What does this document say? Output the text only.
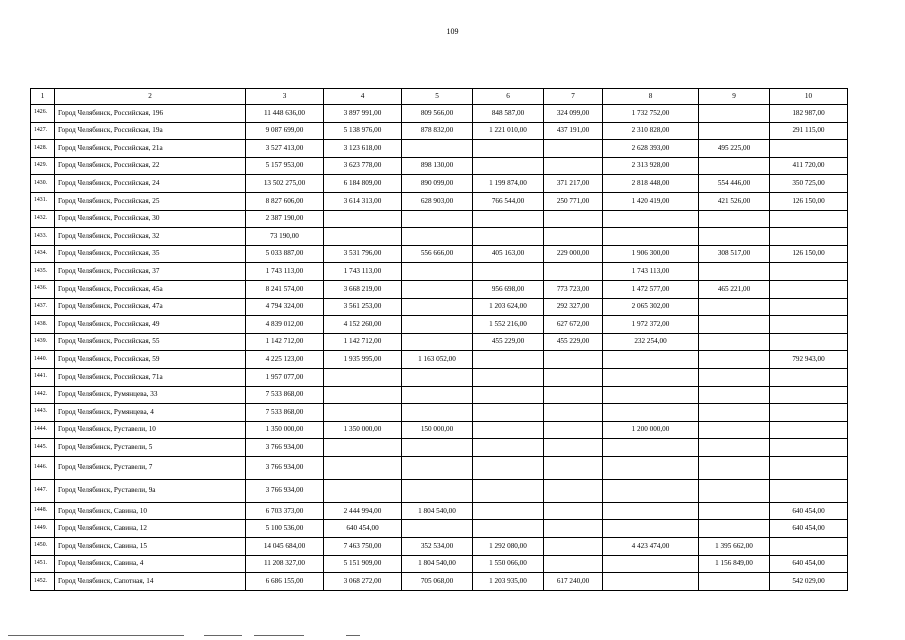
109
1	2	3	4	5	6	7	8	9	10
1426.	Город Челябинск, Российская, 196	11 448 636,00	3 897 991,00	809 566,00	848 587,00	324 099,00	1 732 752,00		182 987,00
1427.	Город Челябинск, Российская, 19а	9 087 699,00	5 138 976,00	878 832,00	1 221 010,00	437 191,00	2 310 828,00		291 115,00
1428.	Город Челябинск, Российская, 21а	3 527 413,00	3 123 618,00				2 628 393,00	495 225,00	
1429.	Город Челябинск, Российская, 22	5 157 953,00	3 623 778,00	898 130,00			2 313 928,00		411 720,00
1430.	Город Челябинск, Российская, 24	13 502 275,00	6 184 809,00	890 099,00	1 199 874,00	371 217,00	2 818 448,00	554 446,00	350 725,00
1431.	Город Челябинск, Российская, 25	8 827 606,00	3 614 313,00	628 903,00	766 544,00	250 771,00	1 420 419,00	421 526,00	126 150,00
1432.	Город Челябинск, Российская, 30	2 387 190,00							
1433.	Город Челябинск, Российская, 32	73 190,00							
1434.	Город Челябинск, Российская, 35	5 033 887,00	3 531 796,00	556 666,00	405 163,00	229 000,00	1 906 300,00	308 517,00	126 150,00
1435.	Город Челябинск, Российская, 37	1 743 113,00	1 743 113,00				1 743 113,00		
1436.	Город Челябинск, Российская, 45а	8 241 574,00	3 668 219,00		956 698,00	773 723,00	1 472 577,00	465 221,00	
1437.	Город Челябинск, Российская, 47а	4 794 324,00	3 561 253,00		1 203 624,00	292 327,00	2 065 302,00		
1438.	Город Челябинск, Российская, 49	4 839 012,00	4 152 260,00		1 552 216,00	627 672,00	1 972 372,00		
1439.	Город Челябинск, Российская, 55	1 142 712,00	1 142 712,00		455 229,00	455 229,00	232 254,00		
1440.	Город Челябинск, Российская, 59	4 225 123,00	1 935 995,00	1 163 052,00					792 943,00
1441.	Город Челябинск, Российская, 71а	1 957 077,00							
1442.	Город Челябинск, Румянцева, 33	7 533 868,00							
1443.	Город Челябинск, Румянцева, 4	7 533 868,00							
1444.	Город Челябинск, Руставели, 10	1 350 000,00	1 350 000,00	150 000,00			1 200 000,00		
1445.	Город Челябинск, Руставели, 5	3 766 934,00							
1446.	Город Челябинск, Руставели, 7	3 766 934,00							
1447.	Город Челябинск, Руставели, 9а	3 766 934,00							
1448.	Город Челябинск, Савина, 10	6 703 373,00	2 444 994,00	1 804 540,00					640 454,00
1449.	Город Челябинск, Савина, 12	5 100 536,00	640 454,00						640 454,00
1450.	Город Челябинск, Савина, 15	14 045 684,00	7 463 750,00	352 534,00	1 292 080,00		4 423 474,00	1 395 662,00	
1451.	Город Челябинск, Савина, 4	11 208 327,00	5 151 909,00	1 804 540,00	1 550 066,00			1 156 849,00	640 454,00
1452.	Город Челябинск, Сапотная, 14	6 686 155,00	3 068 272,00	705 068,00	1 203 935,00	617 240,00			542 029,00
